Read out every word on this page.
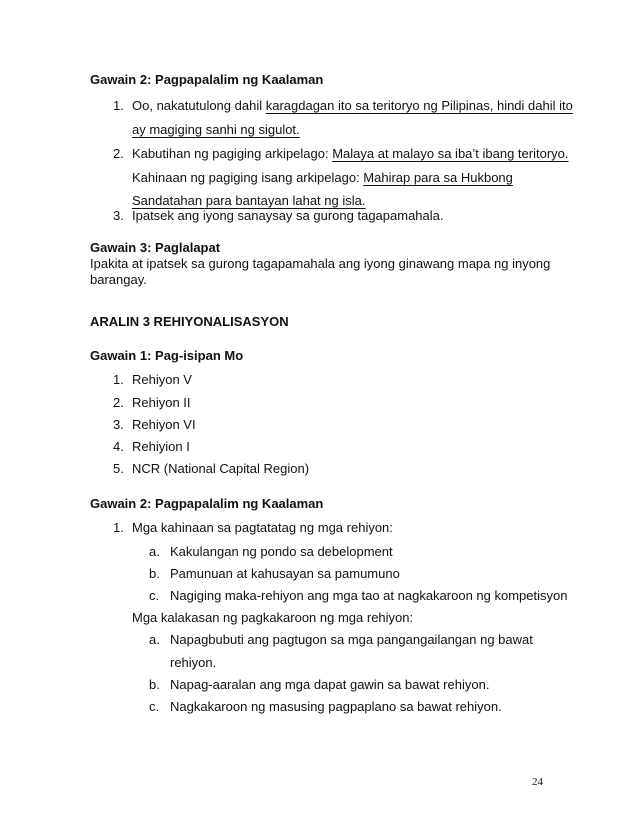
Gawain 2: Pagpapalalim ng Kaalaman
1. Oo, nakatutulong dahil karagdagan ito sa teritoryo ng Pilipinas, hindi dahil ito
ay magiging sanhi ng sigulot.
2. Kabutihan ng pagiging arkipelago: Malaya at malayo sa iba’t ibang teritoryo.
Kahinaan ng pagiging isang arkipelago: Mahirap para sa Hukbong
Sandatahan para bantayan lahat ng isla.
3. Ipatsek ang iyong sanaysay sa gurong tagapamahala.
Gawain 3: Paglalapat
Ipakita at ipatsek sa gurong tagapamahala ang iyong ginawang mapa ng inyong
barangay.
ARALIN 3 REHIYONALISASYON
Gawain 1: Pag-isipan Mo
1. Rehiyon V
2. Rehiyon II
3. Rehiyon VI
4. Rehiyion I
5. NCR (National Capital Region)
Gawain 2: Pagpapalalim ng Kaalaman
1. Mga kahinaan sa pagtatatag ng mga rehiyon:
a. Kakulangan ng pondo sa debelopment
b. Pamunuan at kahusayan sa pamumuno
c. Nagiging maka-rehiyon ang mga tao at nagkakaroon ng kompetisyon
Mga kalakasan ng pagkakaroon ng mga rehiyon:
a. Napagbubuti ang pagtugon sa mga pangangailangan ng bawat
rehiyon.
b. Napag-aaralan ang mga dapat gawin sa bawat rehiyon.
c. Nagkakaroon ng masusing pagpaplano sa bawat rehiyon.
24
